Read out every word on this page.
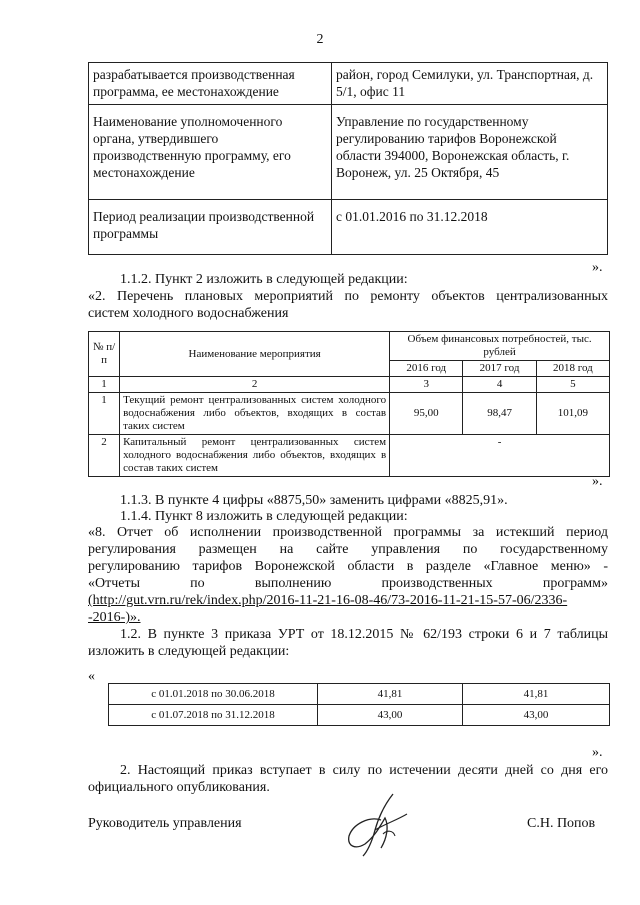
2
разрабатывается производственная программа, ее местонахождение	район, город Семилуки, ул. Транспортная, д. 5/1, офис 11
Наименование уполномоченного органа, утвердившего производственную программу, его местонахождение	Управление по государственному регулированию тарифов Воронежской области 394000, Воронежская область, г. Воронеж, ул. 25 Октября, 45
Период реализации производственной программы	с 01.01.2016 по 31.12.2018
».
1.1.2. Пункт 2 изложить в следующей редакции:
«2. Перечень плановых мероприятий по ремонту объектов централизованных
систем холодного водоснабжения
№ п/п	Наименование мероприятия	Объем финансовых потребностей, тыс. рублей		
		2016 год	2017 год	2018 год
1	2	3	4	5
1	Текущий ремонт централизованных систем холодного водоснабжения либо объектов, входящих в состав таких систем	95,00	98,47	101,09
2	Капитальный ремонт централизованных систем холодного водоснабжения либо объектов, входящих в состав таких систем	-		
».
1.1.3. В пункте 4 цифры «8875,50» заменить цифрами «8825,91».
1.1.4. Пункт 8 изложить в следующей редакции:
«8. Отчет об исполнении производственной программы за истекший период
регулирования размещен на сайте управления по государственному
регулированию тарифов Воронежской области в разделе «Главное меню» -
«Отчеты по выполнению производственных программ»
(http://gut.vrn.ru/rek/index.php/2016-11-21-16-08-46/73-2016-11-21-15-57-06/2336-
-2016-)».
1.2. В пункте 3 приказа УРТ от 18.12.2015 № 62/193 строки 6 и 7 таблицы
изложить в следующей редакции:
«
с 01.01.2018 по 30.06.2018	41,81	41,81
с 01.07.2018 по 31.12.2018	43,00	43,00
».
2. Настоящий приказ вступает в силу по истечении десяти дней со дня его
официального опубликования.
Руководитель управления	С.Н. Попов
